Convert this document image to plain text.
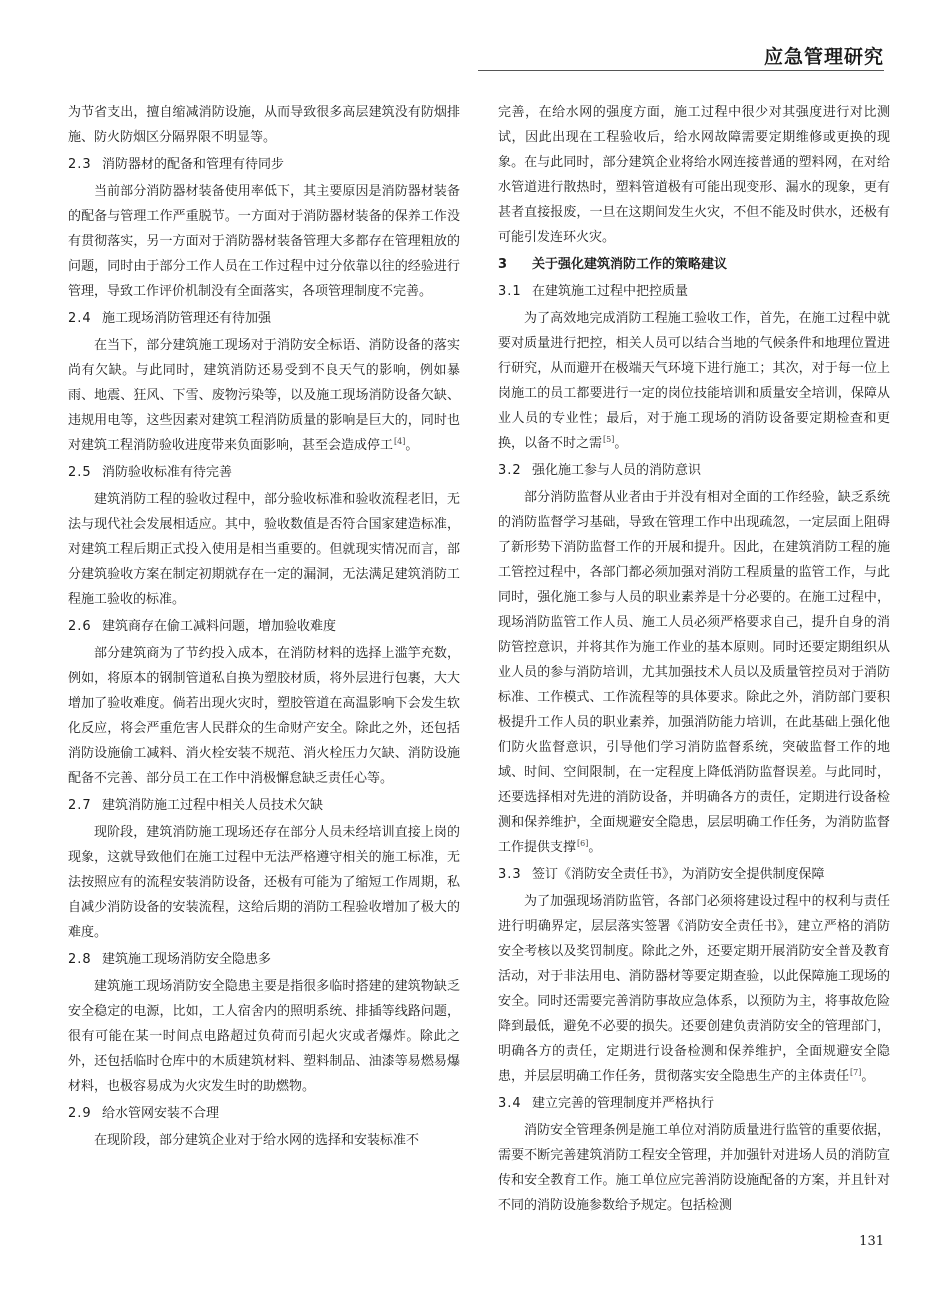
应急管理研究

为节省支出，擅自缩减消防设施，从而导致很多高层建筑没有防烟排施、防火防烟区分隔界限不明显等。

2.3 消防器材的配备和管理有待同步

当前部分消防器材装备使用率低下，其主要原因是消防器材装备的配备与管理工作严重脱节。一方面对于消防器材装备的保养工作没有贯彻落实，另一方面对于消防器材装备管理大多都存在管理粗放的问题，同时由于部分工作人员在工作过程中过分依靠以往的经验进行管理，导致工作评价机制没有全面落实，各项管理制度不完善。

2.4 施工现场消防管理还有待加强

在当下，部分建筑施工现场对于消防安全标语、消防设备的落实尚有欠缺。与此同时，建筑消防还易受到不良天气的影响，例如暴雨、地震、狂风、下雪、废物污染等，以及施工现场消防设备欠缺、违规用电等，这些因素对建筑工程消防质量的影响是巨大的，同时也对建筑工程消防验收进度带来负面影响，甚至会造成停工[4]。

2.5 消防验收标准有待完善

建筑消防工程的验收过程中，部分验收标准和验收流程老旧，无法与现代社会发展相适应。其中，验收数值是否符合国家建造标准，对建筑工程后期正式投入使用是相当重要的。但就现实情况而言，部分建筑验收方案在制定初期就存在一定的漏洞，无法满足建筑消防工程施工验收的标准。

2.6 建筑商存在偷工减料问题，增加验收难度

部分建筑商为了节约投入成本，在消防材料的选择上滥竽充数，例如，将原本的钢制管道私自换为塑胶材质，将外层进行包裹，大大增加了验收难度。倘若出现火灾时，塑胶管道在高温影响下会发生软化反应，将会严重危害人民群众的生命财产安全。除此之外，还包括消防设施偷工减料、消火栓安装不规范、消火栓压力欠缺、消防设施配备不完善、部分员工在工作中消极懈怠缺乏责任心等。

2.7 建筑消防施工过程中相关人员技术欠缺

现阶段，建筑消防施工现场还存在部分人员未经培训直接上岗的现象，这就导致他们在施工过程中无法严格遵守相关的施工标准，无法按照应有的流程安装消防设备，还极有可能为了缩短工作周期，私自减少消防设备的安装流程，这给后期的消防工程验收增加了极大的难度。

2.8 建筑施工现场消防安全隐患多

建筑施工现场消防安全隐患主要是指很多临时搭建的建筑物缺乏安全稳定的电源，比如，工人宿舍内的照明系统、排插等线路问题，很有可能在某一时间点电路超过负荷而引起火灾或者爆炸。除此之外，还包括临时仓库中的木质建筑材料、塑料制品、油漆等易燃易爆材料，也极容易成为火灾发生时的助燃物。

2.9 给水管网安装不合理

在现阶段，部分建筑企业对于给水网的选择和安装标准不

完善，在给水网的强度方面，施工过程中很少对其强度进行对比测试，因此出现在工程验收后，给水网故障需要定期维修或更换的现象。在与此同时，部分建筑企业将给水网连接普通的塑料网，在对给水管道进行散热时，塑料管道极有可能出现变形、漏水的现象，更有甚者直接报废，一旦在这期间发生火灾，不但不能及时供水，还极有可能引发连环火灾。

3 关于强化建筑消防工作的策略建议
3.1 在建筑施工过程中把控质量

为了高效地完成消防工程施工验收工作，首先，在施工过程中就要对质量进行把控，相关人员可以结合当地的气候条件和地理位置进行研究，从而避开在极端天气环境下进行施工；其次，对于每一位上岗施工的员工都要进行一定的岗位技能培训和质量安全培训，保障从业人员的专业性；最后，对于施工现场的消防设备要定期检查和更换，以备不时之需[5]。

3.2 强化施工参与人员的消防意识

部分消防监督从业者由于并没有相对全面的工作经验，缺乏系统的消防监督学习基础，导致在管理工作中出现疏忽，一定层面上阻碍了新形势下消防监督工作的开展和提升。因此，在建筑消防工程的施工管控过程中，各部门都必须加强对消防工程质量的监管工作，与此同时，强化施工参与人员的职业素养是十分必要的。在施工过程中，现场消防监管工作人员、施工人员必须严格要求自己，提升自身的消防管控意识，并将其作为施工作业的基本原则。同时还要定期组织从业人员的参与消防培训，尤其加强技术人员以及质量管控员对于消防标准、工作模式、工作流程等的具体要求。除此之外，消防部门要积极提升工作人员的职业素养，加强消防能力培训，在此基础上强化他们防火监督意识，引导他们学习消防监督系统，突破监督工作的地域、时间、空间限制，在一定程度上降低消防监督误差。与此同时，还要选择相对先进的消防设备，并明确各方的责任，定期进行设备检测和保养维护，全面规避安全隐患，层层明确工作任务，为消防监督工作提供支撑[6]。

3.3 签订《消防安全责任书》，为消防安全提供制度保障

为了加强现场消防监管，各部门必须将建设过程中的权利与责任进行明确界定，层层落实签署《消防安全责任书》，建立严格的消防安全考核以及奖罚制度。除此之外，还要定期开展消防安全普及教育活动，对于非法用电、消防器材等要定期查验，以此保障施工现场的安全。同时还需要完善消防事故应急体系，以预防为主，将事故危险降到最低，避免不必要的损失。还要创建负责消防安全的管理部门，明确各方的责任，定期进行设备检测和保养维护，全面规避安全隐患，并层层明确工作任务，贯彻落实安全隐患生产的主体责任[7]。

3.4 建立完善的管理制度并严格执行

消防安全管理条例是施工单位对消防质量进行监管的重要依据，需要不断完善建筑消防工程安全管理，并加强针对进场人员的消防宣传和安全教育工作。施工单位应完善消防设施配备的方案，并且针对不同的消防设施参数给予规定。包括检测

131
